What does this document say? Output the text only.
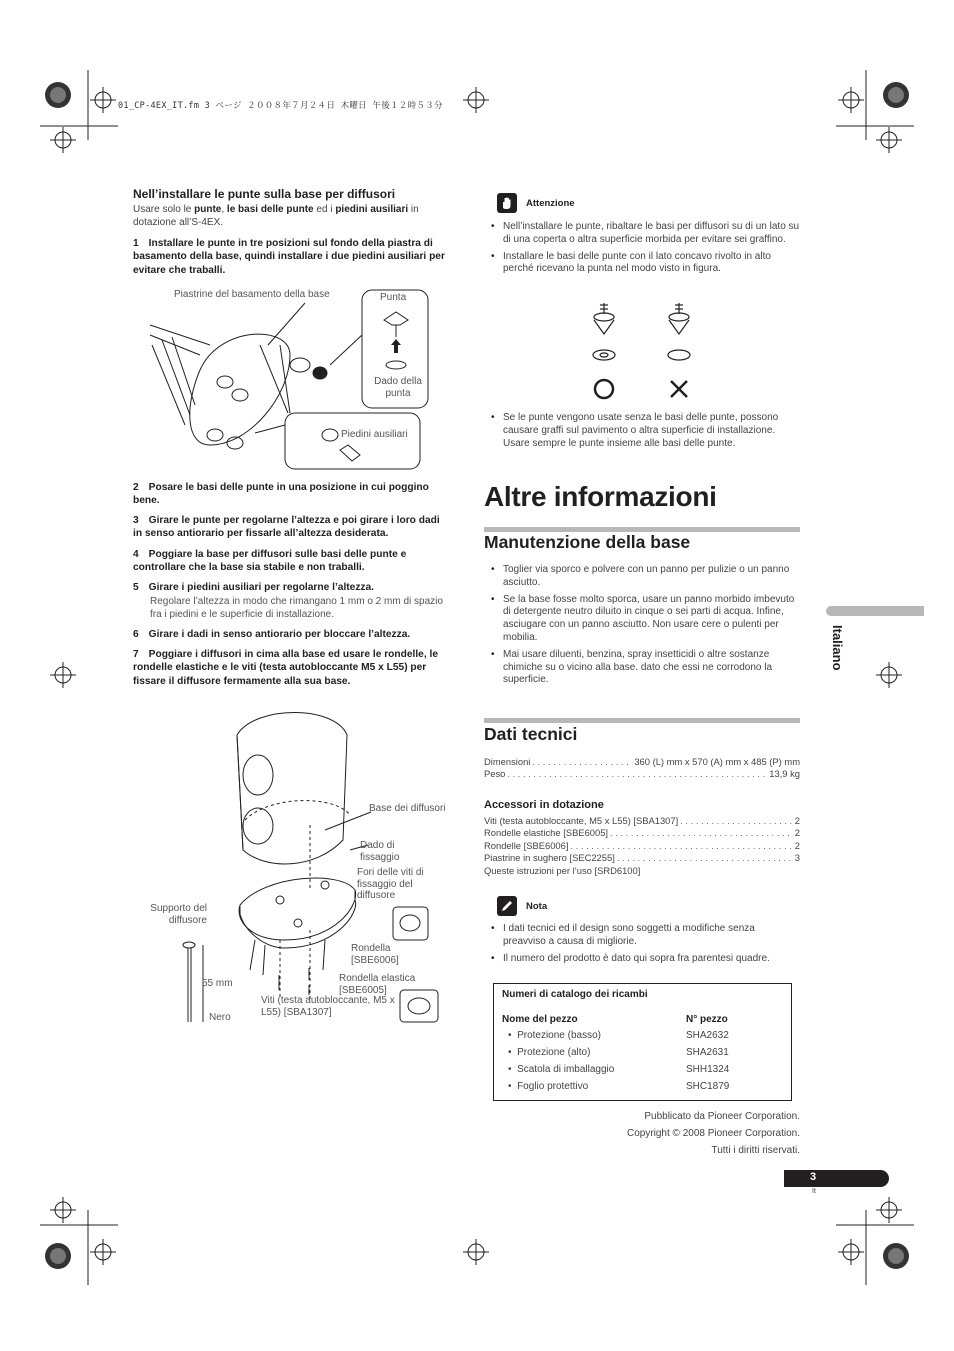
01_CP-4EX_IT.fm 3 ページ ２００８年７月２４日 木曜日 午後１２時５３分
Nell’installare le punte sulla base per diffusori
Usare solo le punte, le basi delle punte ed i piedini ausiliari in dotazione all’S-4EX.
1 Installare le punte in tre posizioni sul fondo della piastra di basamento della base, quindi installare i due piedini ausiliari per evitare che traballi.
Piastrine del basamento della base	Punta
Dado della punta
Piedini ausiliari
2 Posare le basi delle punte in una posizione in cui poggino bene.
3 Girare le punte per regolarne l’altezza e poi girare i loro dadi in senso antiorario per fissarle all’altezza desiderata.
4 Poggiare la base per diffusori sulle basi delle punte e controllare che la base sia stabile e non traballi.
5 Girare i piedini ausiliari per regolarne l’altezza.
Regolare l’altezza in modo che rimangano 1 mm o 2 mm di spazio fra i piedini e le superficie di installazione.
6 Girare i dadi in senso antiorario per bloccare l’altezza.
7 Poggiare i diffusori in cima alla base ed usare le rondelle, le rondelle elastiche e le viti (testa autobloccante M5 x L55) per fissare il diffusore fermamente alla sua base.
Base dei diffusori
Dado di fissaggio
Fori delle viti di fissaggio del diffusore
Supporto del diffusore
Rondella [SBE6006]
Rondella elastica [SBE6005]
Viti (testa autobloccante, M5 x L55) [SBA1307]
55 mm
Nero
Attenzione
• Nell’installare le punte, ribaltare le basi per diffusori su di un lato su di una coperta o altra superficie morbida per evitare sei graffino.
• Installare le basi delle punte con il lato concavo rivolto in alto perché ricevano la punta nel modo visto in figura.
• Se le punte vengono usate senza le basi delle punte, possono causare graffi sul pavimento o altra superficie di installazione. Usare sempre le punte insieme alle basi delle punte.
Altre informazioni
Manutenzione della base
• Toglier via sporco e polvere con un panno per pulizie o un panno asciutto.
• Se la base fosse molto sporca, usare un panno morbido imbevuto di detergente neutro diluito in cinque o sei parti di acqua. Infine, asciugare con un panno asciutto. Non usare cere o pulenti per mobilia.
• Mai usare diluenti, benzina, spray insetticidi o altre sostanze chimiche su o vicino alla base. dato che essi ne corrodono la superficie.
Dati tecnici
Dimensioni . . .	360 (L) mm x 570 (A) mm x 485 (P) mm
Peso . . .	13,9 kg
Accessori in dotazione
Viti (testa autobloccante, M5 x L55) [SBA1307] . . .	2
Rondelle elastiche [SBE6005] . . .	2
Rondelle [SBE6006] . . .	2
Piastrine in sughero [SEC2255] . . .	3
Queste istruzioni per l’uso [SRD6100]
Nota
• I dati tecnici ed il design sono soggetti a modifiche senza preavviso a causa di migliorie.
• Il numero del prodotto è dato qui sopra fra parentesi quadre.
Numeri di catalogo dei ricambi
Nome del pezzo	N° pezzo
•  Protezione (basso)	SHA2632
•  Protezione (alto)	SHA2631
•  Scatola di imballaggio	SHH1324
•  Foglio protettivo	SHC1879
Pubblicato da Pioneer Corporation.
Copyright © 2008 Pioneer Corporation.
Tutti i diritti riservati.
Italiano
3
It
